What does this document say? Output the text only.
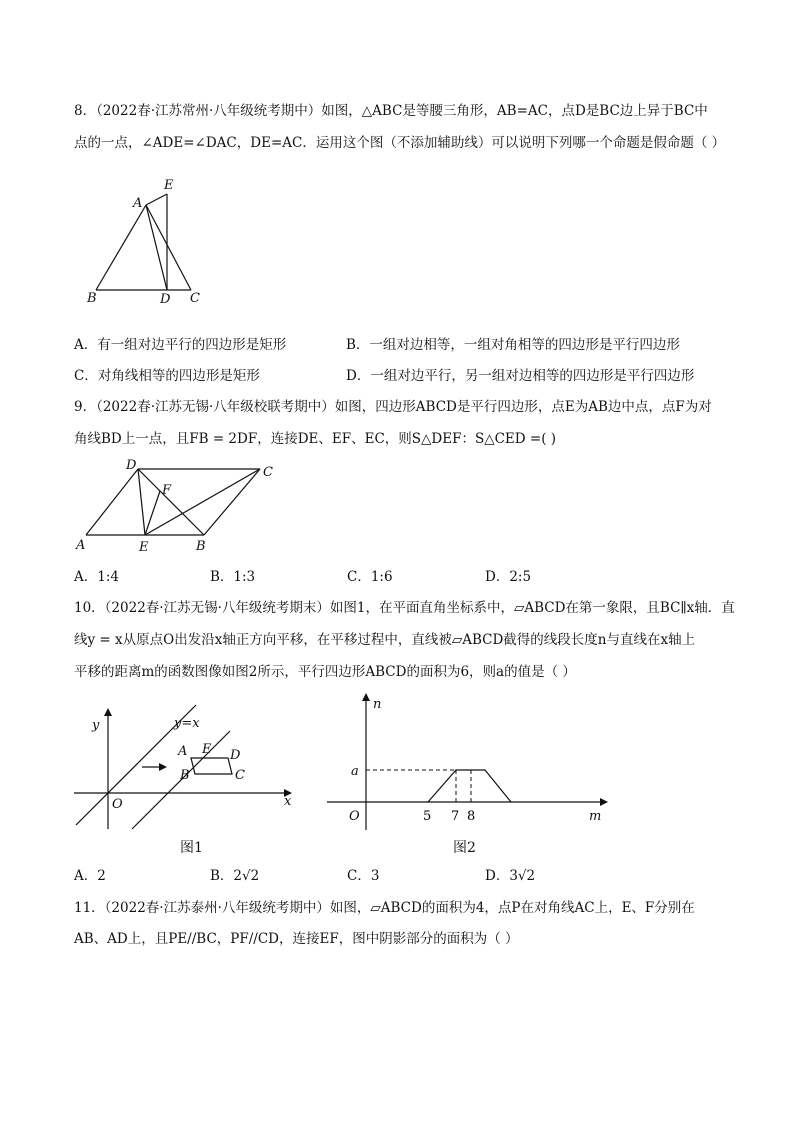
8．（2022春·江苏常州·八年级统考期中）如图，△ABC是等腰三角形，AB=AC，点D是BC边上异于BC中
点的一点，∠ADE=∠DAC，DE=AC．运用这个图（不添加辅助线）可以说明下列哪一个命题是假命题（ ）
A
E
B	D C
A．有一组对边平行的四边形是矩形	B．一组对边相等，一组对角相等的四边形是平行四边形
C．对角线相等的四边形是矩形	D．一组对边平行，另一组对边相等的四边形是平行四边形
9．（2022春·江苏无锡·八年级校联考期中）如图，四边形ABCD是平行四边形，点E为AB边中点，点F为对
角线BD上一点，且FB = 2DF，连接DE、EF、EC，则S△DEF：S△CED =( )
D	C
F
A	E	B
A．1:4	B．1:3	C．1:6	D．2:5
10．（2022春·江苏无锡·八年级统考期末）如图1，在平面直角坐标系中，▱ABCD在第一象限，且BC∥x轴．直
线y = x从原点O出发沿x轴正方向平移，在平移过程中，直线被▱ABCD截得的线段长度n与直线在x轴上
平移的距离m的函数图像如图2所示，平行四边形ABCD的面积为6，则a的值是（ ）
y	y=x
A E D
B	C
O	x
图1
n
a
O	5 7 8	m
图2
A．2	B．2√2	C．3	D．3√2
11．（2022春·江苏泰州·八年级统考期中）如图，▱ABCD的面积为4，点P在对角线AC上，E、F分别在
AB、AD上，且PE//BC，PF//CD，连接EF，图中阴影部分的面积为（ ）
